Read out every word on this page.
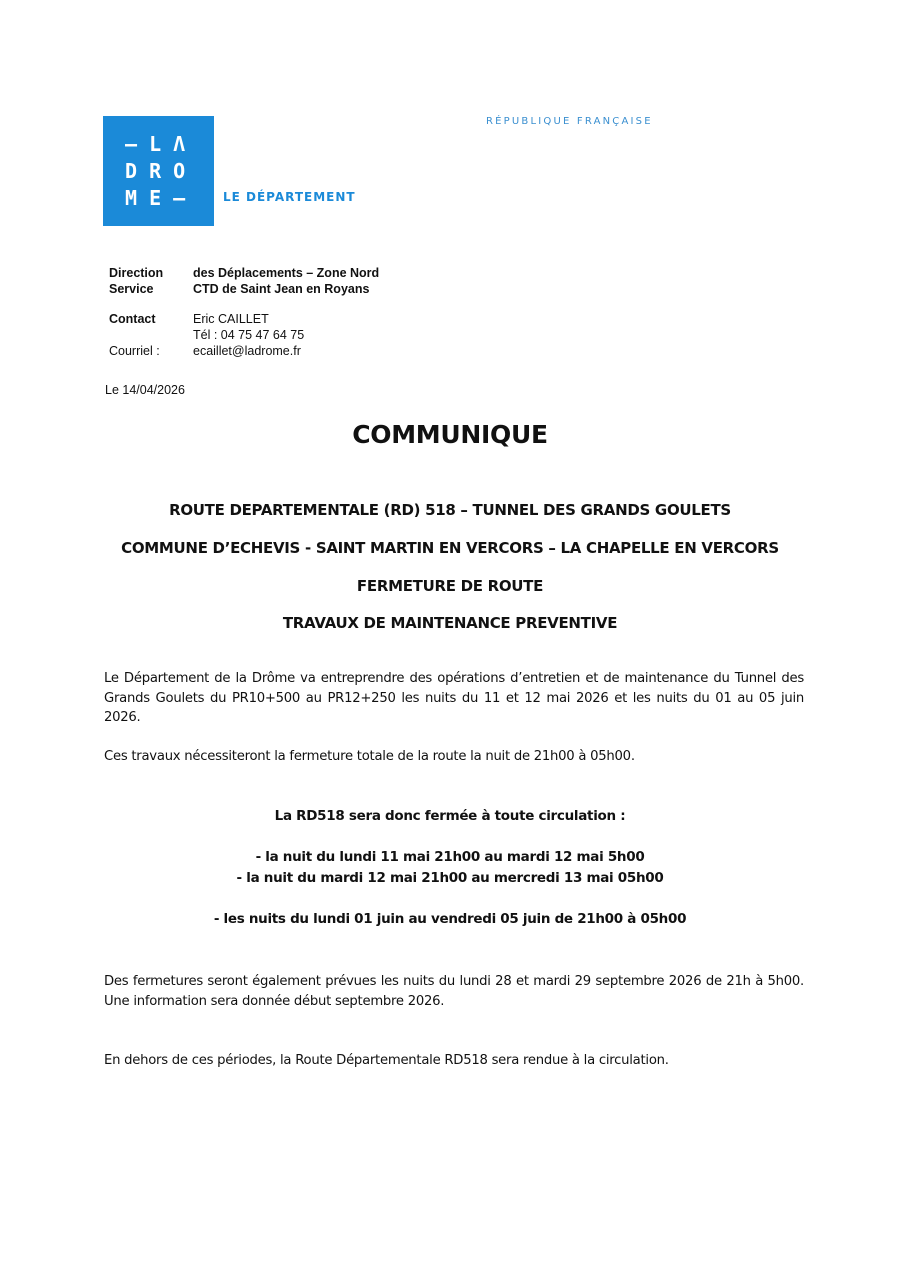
– L Λ
D R O
M E –	LE DÉPARTEMENT
RÉPUBLIQUE FRANÇAISE
Direction des Déplacements – Zone Nord
Service	CTD de Saint Jean en Royans
Contact	Eric CAILLET
Tél : 04 75 47 64 75
Courriel :	ecaillet@ladrome.fr
Le 14/04/2026
COMMUNIQUE
ROUTE DEPARTEMENTALE (RD) 518 – TUNNEL DES GRANDS GOULETS
COMMUNE D’ECHEVIS - SAINT MARTIN EN VERCORS – LA CHAPELLE EN VERCORS
FERMETURE DE ROUTE
TRAVAUX DE MAINTENANCE PREVENTIVE
Le Département de la Drôme va entreprendre des opérations d’entretien et de maintenance du Tunnel des Grands Goulets du PR10+500 au PR12+250 les nuits du 11 et 12 mai 2026 et les nuits du 01 au 05 juin 2026.
Ces travaux nécessiteront la fermeture totale de la route la nuit de 21h00 à 05h00.
La RD518 sera donc fermée à toute circulation :
- la nuit du lundi 11 mai 21h00 au mardi 12 mai 5h00
- la nuit du mardi 12 mai 21h00 au mercredi 13 mai 05h00
- les nuits du lundi 01 juin au vendredi 05 juin de 21h00 à 05h00
Des fermetures seront également prévues les nuits du lundi 28 et mardi 29 septembre 2026 de 21h à 5h00. Une information sera donnée début septembre 2026.
En dehors de ces périodes, la Route Départementale RD518 sera rendue à la circulation.
